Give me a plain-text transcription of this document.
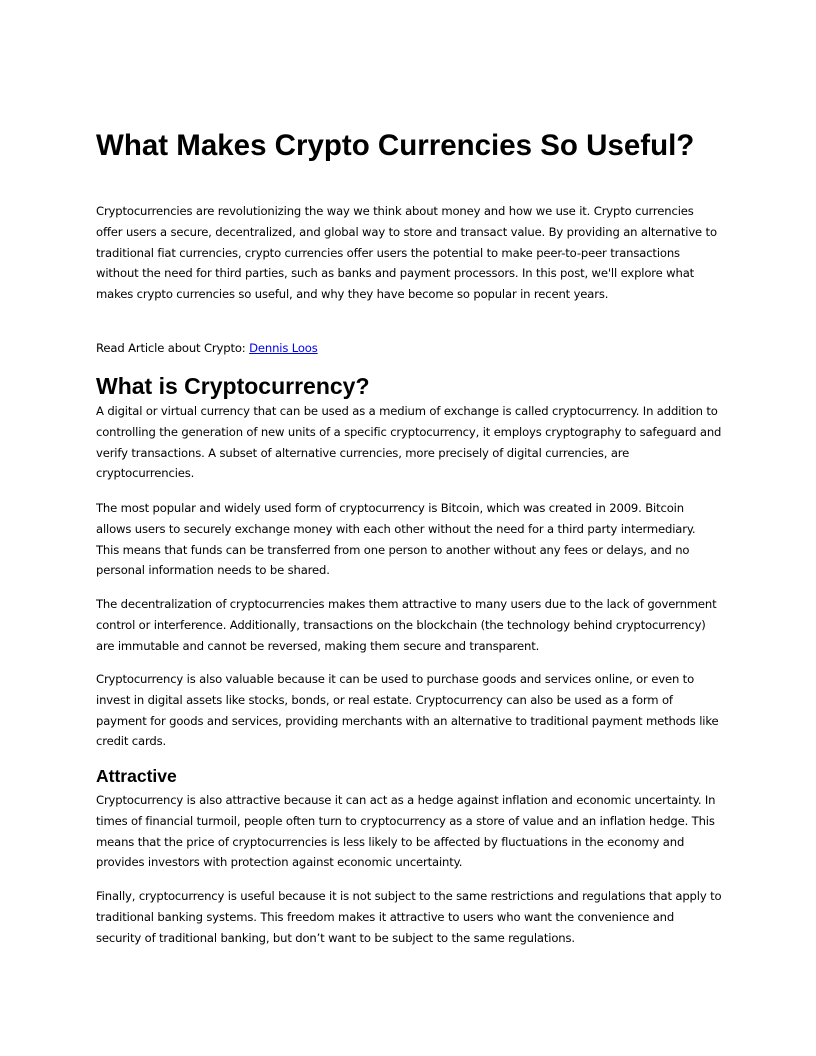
What Makes Crypto Currencies So Useful?

Cryptocurrencies are revolutionizing the way we think about money and how we use it. Crypto currencies offer users a secure, decentralized, and global way to store and transact value. By providing an alternative to traditional fiat currencies, crypto currencies offer users the potential to make peer-to-peer transactions without the need for third parties, such as banks and payment processors. In this post, we'll explore what makes crypto currencies so useful, and why they have become so popular in recent years.

Read Article about Crypto: Dennis Loos

What is Cryptocurrency?

A digital or virtual currency that can be used as a medium of exchange is called cryptocurrency. In addition to controlling the generation of new units of a specific cryptocurrency, it employs cryptography to safeguard and verify transactions. A subset of alternative currencies, more precisely of digital currencies, are cryptocurrencies.

The most popular and widely used form of cryptocurrency is Bitcoin, which was created in 2009. Bitcoin allows users to securely exchange money with each other without the need for a third party intermediary. This means that funds can be transferred from one person to another without any fees or delays, and no personal information needs to be shared.

The decentralization of cryptocurrencies makes them attractive to many users due to the lack of government control or interference. Additionally, transactions on the blockchain (the technology behind cryptocurrency) are immutable and cannot be reversed, making them secure and transparent.

Cryptocurrency is also valuable because it can be used to purchase goods and services online, or even to invest in digital assets like stocks, bonds, or real estate. Cryptocurrency can also be used as a form of payment for goods and services, providing merchants with an alternative to traditional payment methods like credit cards.

Attractive

Cryptocurrency is also attractive because it can act as a hedge against inflation and economic uncertainty. In times of financial turmoil, people often turn to cryptocurrency as a store of value and an inflation hedge. This means that the price of cryptocurrencies is less likely to be affected by fluctuations in the economy and provides investors with protection against economic uncertainty.

Finally, cryptocurrency is useful because it is not subject to the same restrictions and regulations that apply to traditional banking systems. This freedom makes it attractive to users who want the convenience and security of traditional banking, but don’t want to be subject to the same regulations.
